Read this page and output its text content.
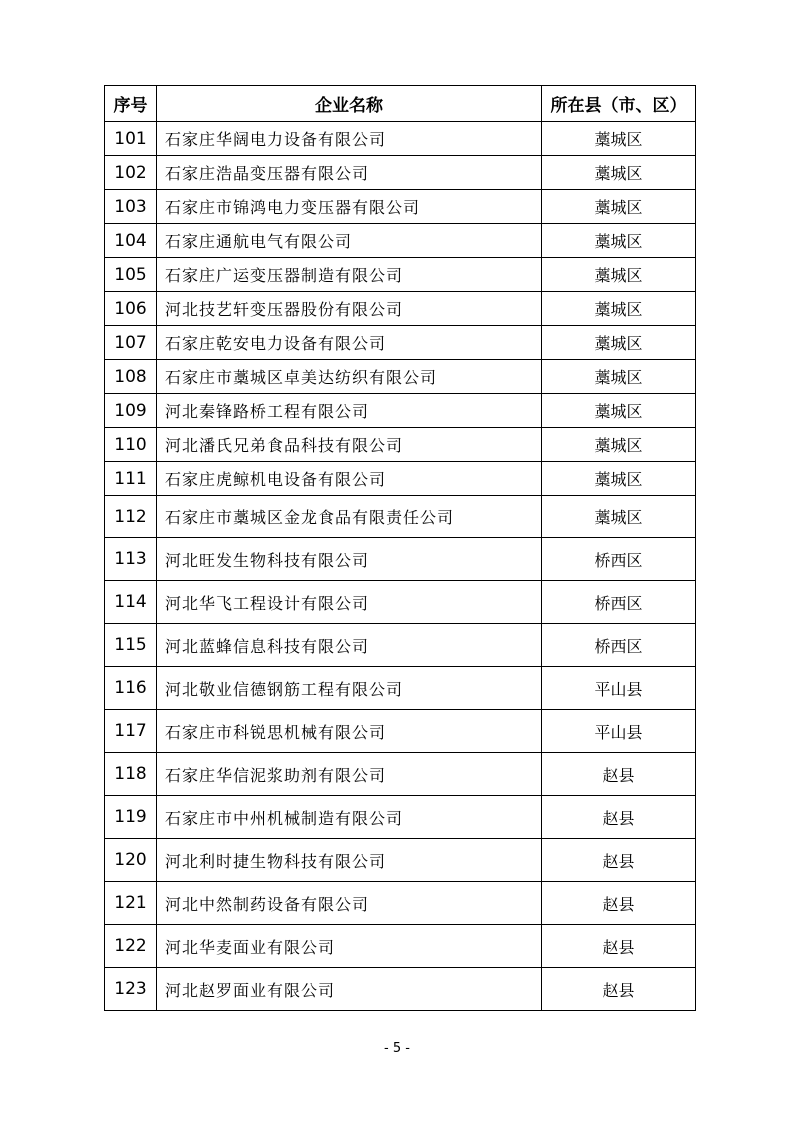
序号	企业名称	所在县（市、区）
101	石家庄华阔电力设备有限公司	藁城区
102	石家庄浩晶变压器有限公司	藁城区
103	石家庄市锦鸿电力变压器有限公司	藁城区
104	石家庄通航电气有限公司	藁城区
105	石家庄广运变压器制造有限公司	藁城区
106	河北技艺轩变压器股份有限公司	藁城区
107	石家庄乾安电力设备有限公司	藁城区
108	石家庄市藁城区卓美达纺织有限公司	藁城区
109	河北秦锋路桥工程有限公司	藁城区
110	河北潘氏兄弟食品科技有限公司	藁城区
111	石家庄虎鲸机电设备有限公司	藁城区
112	石家庄市藁城区金龙食品有限责任公司	藁城区
113	河北旺发生物科技有限公司	桥西区
114	河北华飞工程设计有限公司	桥西区
115	河北蓝蜂信息科技有限公司	桥西区
116	河北敬业信德钢筋工程有限公司	平山县
117	石家庄市科锐思机械有限公司	平山县
118	石家庄华信泥浆助剂有限公司	赵县
119	石家庄市中州机械制造有限公司	赵县
120	河北利时捷生物科技有限公司	赵县
121	河北中然制药设备有限公司	赵县
122	河北华麦面业有限公司	赵县
123	河北赵罗面业有限公司	赵县
- 5 -
